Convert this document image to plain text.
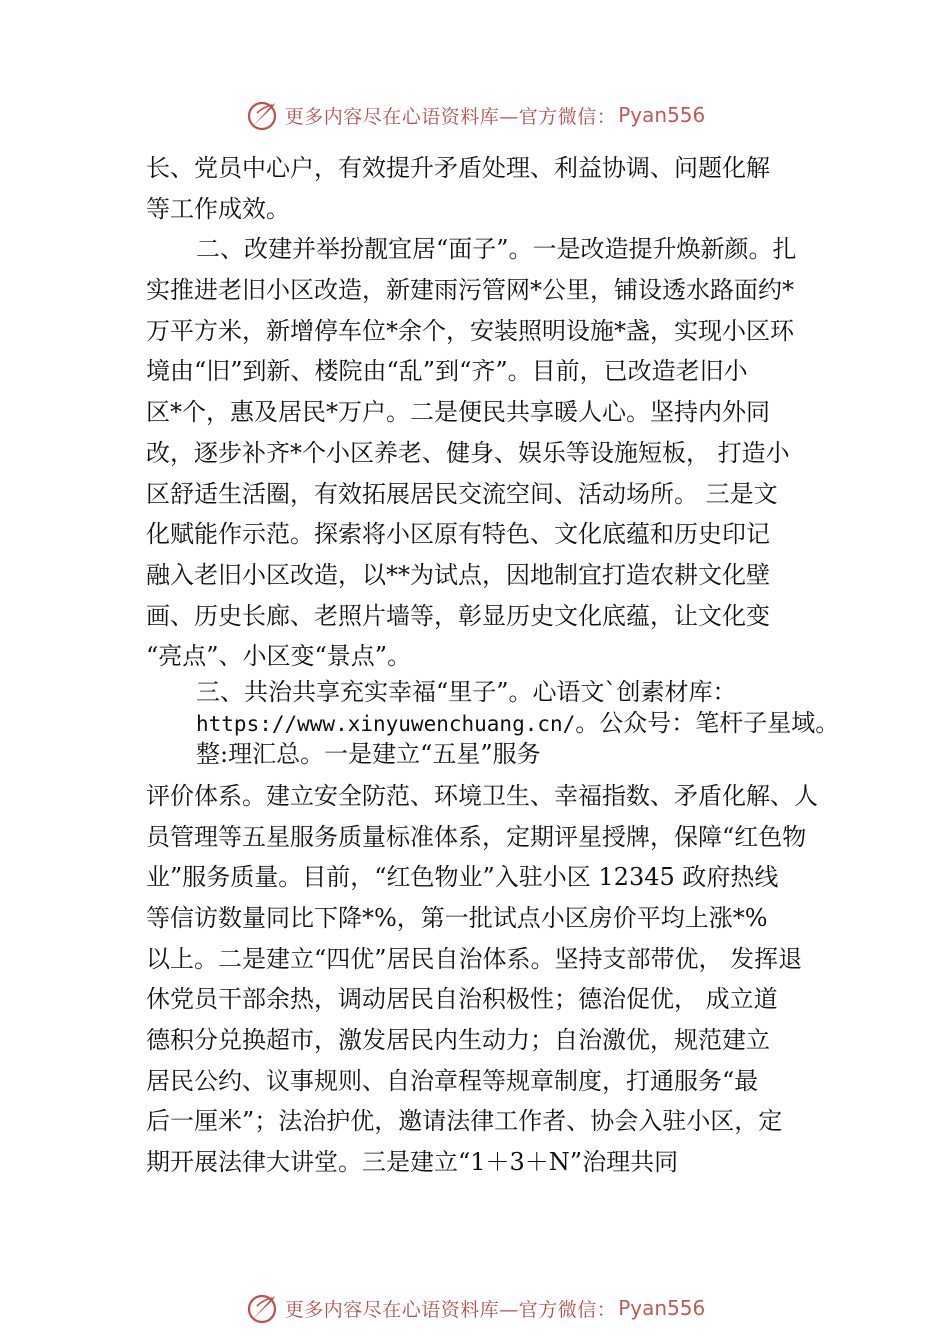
更多内容尽在心语资料库—官方微信： Pyan556
长、党员中心户，有效提升矛盾处理、利益协调、问题化解
等工作成效。
二、改建并举扮靓宜居“面子”。一是改造提升焕新颜。扎
实推进老旧小区改造，新建雨污管网*公里，铺设透水路面约*
万平方米，新增停车位*余个，安装照明设施*盏，实现小区环
境由“旧”到新、楼院由“乱”到“齐”。目前，已改造老旧小
区*个，惠及居民*万户。二是便民共享暖人心。坚持内外同
改，逐步补齐*个小区养老、健身、娱乐等设施短板， 打造小
区舒适生活圈，有效拓展居民交流空间、活动场所。 三是文
化赋能作示范。探索将小区原有特色、文化底蕴和历史印记
融入老旧小区改造，以**为试点，因地制宜打造农耕文化壁
画、历史长廊、老照片墙等，彰显历史文化底蕴，让文化变
“亮点”、小区变“景点”。
三、共治共享充实幸福“里子”。心语文`创素材库：
https://www.xinyuwenchuang.cn/。公众号：笔杆子星域。
整:理汇总。一是建立“五星”服务
评价体系。建立安全防范、环境卫生、幸福指数、矛盾化解、人
员管理等五星服务质量标准体系，定期评星授牌，保障“红色物
业”服务质量。目前，“红色物业”入驻小区 12345 政府热线
等信访数量同比下降*%，第一批试点小区房价平均上涨*%
以上。二是建立“四优”居民自治体系。坚持支部带优， 发挥退
休党员干部余热，调动居民自治积极性；德治促优， 成立道
德积分兑换超市，激发居民内生动力；自治激优，规范建立
居民公约、议事规则、自治章程等规章制度，打通服务“最
后一厘米”；法治护优，邀请法律工作者、协会入驻小区，定
期开展法律大讲堂。三是建立“1＋3＋N”治理共同
更多内容尽在心语资料库—官方微信： Pyan556
